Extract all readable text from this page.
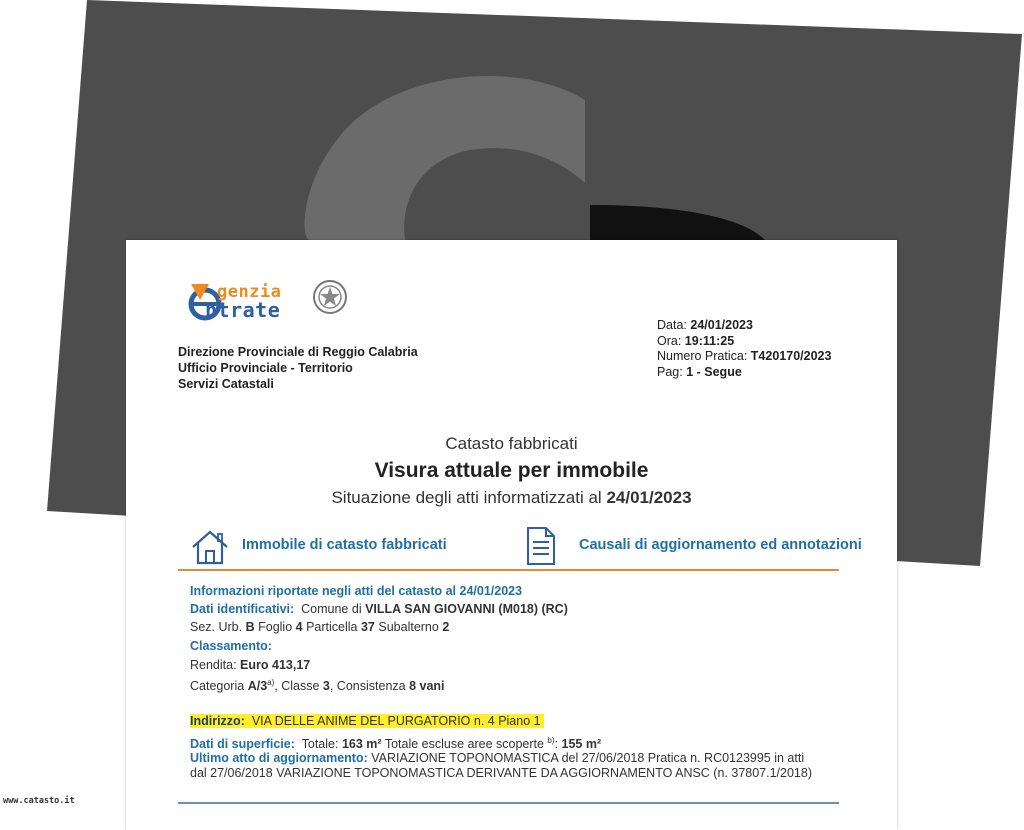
genzia
ntrate
Direzione Provinciale di Reggio Calabria
Ufficio Provinciale - Territorio
Servizi Catastali
Data: 24/01/2023
Ora: 19:11:25
Numero Pratica: T420170/2023
Pag: 1 - Segue
Catasto fabbricati
Visura attuale per immobile
Situazione degli atti informatizzati al 24/01/2023
Immobile di catasto fabbricati	Causali di aggiornamento ed annotazioni
Informazioni riportate negli atti del catasto al 24/01/2023
Dati identificativi: Comune di VILLA SAN GIOVANNI (M018) (RC)
Sez. Urb. B Foglio 4 Particella 37 Subalterno 2
Classamento:
Rendita: Euro 413,17
Categoria A/3$^{a)}$, Classe 3, Consistenza 8 vani
Indirizzo: VIA DELLE ANIME DEL PURGATORIO n. 4 Piano 1
Dati di superficie: Totale: 163 m² Totale escluse aree scoperte $^{b)}$: 155 m²
Ultimo atto di aggiornamento: VARIAZIONE TOPONOMASTICA del 27/06/2018 Pratica n. RC0123995 in atti
dal 27/06/2018 VARIAZIONE TOPONOMASTICA DERIVANTE DA AGGIORNAMENTO ANSC (n. 37807.1/2018)
www.catasto.it
